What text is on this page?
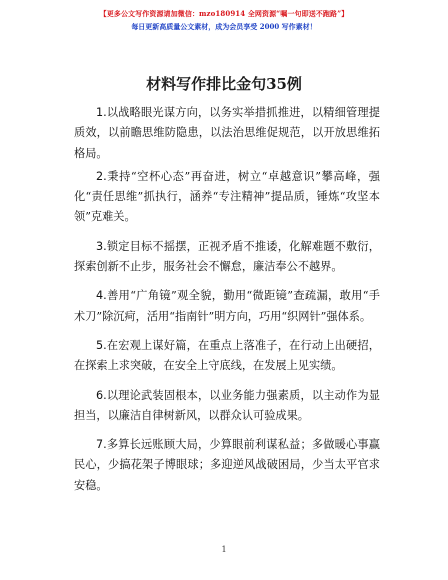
【更多公文写作资源请加微信：mzo180914 全网资源“嘱一句即送不跑路”】
每日更新高质量公文素材，成为会员享受 2000 写作素材！
材料写作排比金句35例

1.以战略眼光谋方向，以务实举措抓推进，以精细管理提质效，以前瞻思维防隐患，以法治思维促规范，以开放思维拓格局。

2.秉持“空杯心态”再奋进，树立“卓越意识”攀高峰，强化“责任思维”抓执行，涵养“专注精神”提品质，锤炼“攻坚本领”克难关。

3.锁定目标不摇摆，正视矛盾不推诿，化解难题不敷衍，探索创新不止步，服务社会不懈怠，廉洁奉公不越界。

4.善用“广角镜”观全貌，勤用“微距镜”查疏漏，敢用“手术刀”除沉疴，活用“指南针”明方向，巧用“织网针”强体系。

5.在宏观上谋好篇，在重点上落准子，在行动上出硬招，在探索上求突破，在安全上守底线，在发展上见实绩。

6.以理论武装固根本，以业务能力强素质，以主动作为显担当，以廉洁自律树新风，以群众认可验成果。

7.多算长远账顾大局，少算眼前利谋私益；多做暖心事赢民心，少搞花架子博眼球；多迎逆风战破困局，少当太平官求安稳。

1
